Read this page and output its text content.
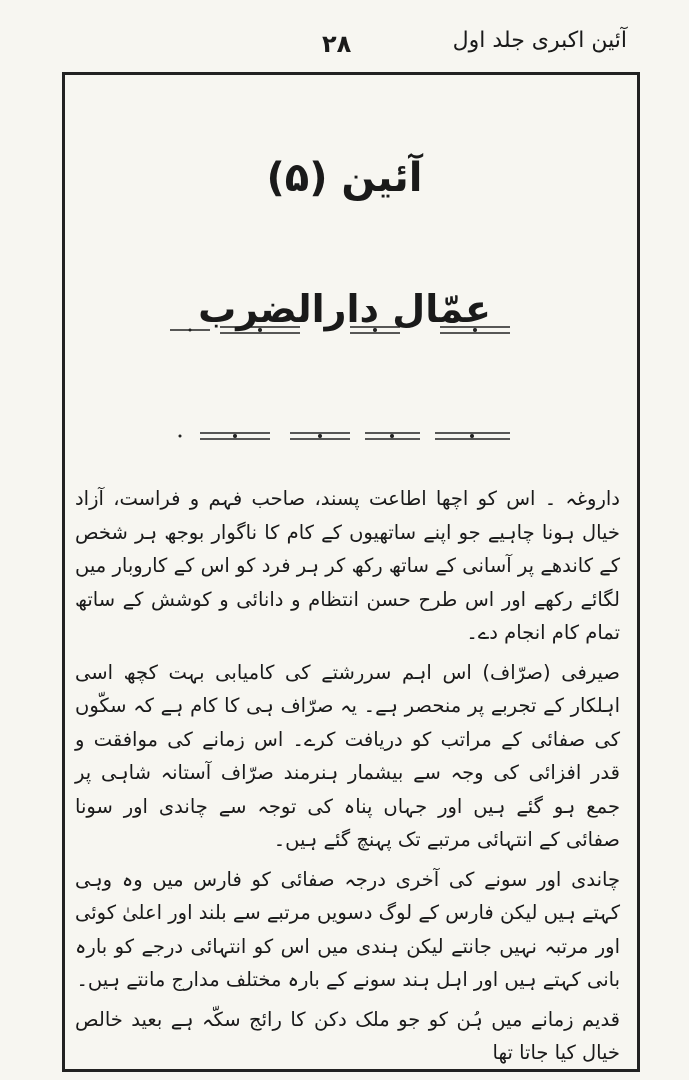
آئین اکبری جلد اول
۲۸
آئین (۵)
عمّال دارالضرب

داروغہ ۔ اس کو اچھا اطاعت پسند، صاحب فہم و فراست، آزاد خیال ہونا چاہیے جو اپنے ساتھیوں کے کام کا ناگوار بوجھ ہر شخص کے کاندھے پر آسانی کے ساتھ رکھ کر ہر فرد کو اس کے کاروبار میں لگائے رکھے اور اس طرح حسن انتظام و دانائی و کوشش کے ساتھ تمام کام انجام دے۔

صیرفی (صرّاف) اس اہم سررشتے کی کامیابی بہت کچھ اسی اہلکار کے تجربے پر منحصر ہے۔ یہ صرّاف ہی کا کام ہے کہ سکّوں کی صفائی کے مراتب کو دریافت کرے۔ اس زمانے کی موافقت و قدر افزائی کی وجہ سے بیشمار ہنرمند صرّاف آستانہ شاہی پر جمع ہو گئے ہیں اور جہاں پناہ کی توجہ سے چاندی اور سونا صفائی کے انتہائی مرتبے تک پہنچ گئے ہیں۔

چاندی اور سونے کی آخری درجہ صفائی کو فارس میں وہ وہی کہتے ہیں لیکن فارس کے لوگ دسویں مرتبے سے بلند اور اعلیٰ کوئی اور مرتبہ نہیں جانتے لیکن ہندی میں اس کو انتہائی درجے کو بارہ بانی کہتے ہیں اور اہل ہند سونے کے بارہ مختلف مدارج مانتے ہیں۔

قدیم زمانے میں ہُن کو جو ملک دکن کا رائج سکّہ ہے بعید خالص خیال کیا جاتا تھا
